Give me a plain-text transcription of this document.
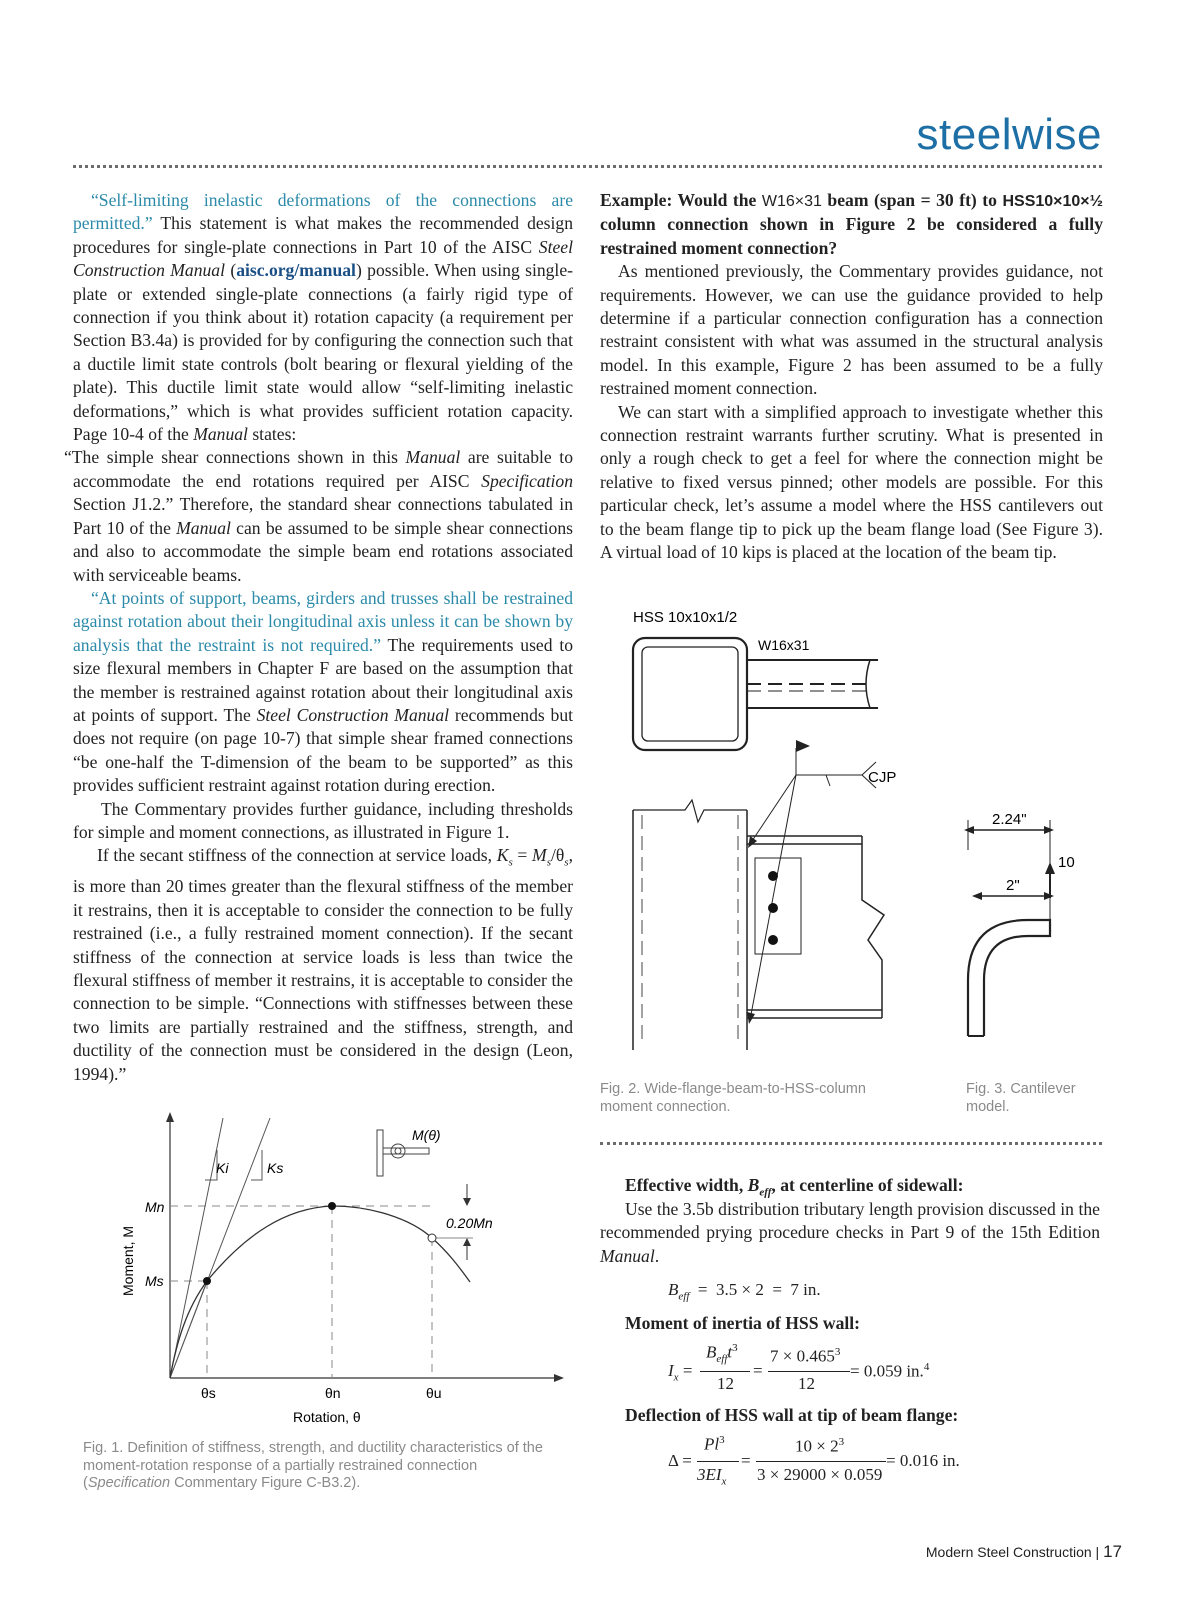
steelwise

“Self-limiting inelastic deformations of the connections are permitted.” This statement is what makes the recommended design procedures for single-plate connections in Part 10 of the AISC Steel Construction Manual (aisc.org/manual) possible. When using single-plate or extended single-plate connections (a fairly rigid type of connection if you think about it) rotation capacity (a requirement per Section B3.4a) is provided for by configuring the connection such that a ductile limit state controls (bolt bearing or flexural yielding of the plate). This ductile limit state would allow “self-limiting inelastic deformations,” which is what provides sufficient rotation capacity. Page 10-4 of the Manual states:

“The simple shear connections shown in this Manual are suitable to accommodate the end rotations required per AISC Specification Section J1.2.” Therefore, the standard shear connections tabulated in Part 10 of the Manual can be assumed to be simple shear connections and also to accommodate the simple beam end rotations associated with serviceable beams.

“At points of support, beams, girders and trusses shall be restrained against rotation about their longitudinal axis unless it can be shown by analysis that the restraint is not required.” The requirements used to size flexural members in Chapter F are based on the assumption that the member is restrained against rotation about their longitudinal axis at points of support. The Steel Construction Manual recommends but does not require (on page 10-7) that simple shear framed connections “be one-half the T-dimension of the beam to be supported” as this provides sufficient restraint against rotation during erection.

The Commentary provides further guidance, including thresholds for simple and moment connections, as illustrated in Figure 1.

If the secant stiffness of the connection at service loads, $K_s = M_s/\theta_s$, is more than 20 times greater than the flexural stiffness of the member it restrains, then it is acceptable to consider the connection to be fully restrained (i.e., a fully restrained moment connection). If the secant stiffness of the connection at service loads is less than twice the flexural stiffness of member it restrains, it is acceptable to consider the connection to be simple. “Connections with stiffnesses between these two limits are partially restrained and the stiffness, strength, and ductility of the connection must be considered in the design (Leon, 1994).”

Example: Would the W16×31 beam (span = 30 ft) to HSS10×10×½ column connection shown in Figure 2 be considered a fully restrained moment connection?

As mentioned previously, the Commentary provides guidance, not requirements. However, we can use the guidance provided to help determine if a particular connection configuration has a connection restraint consistent with what was assumed in the structural analysis model. In this example, Figure 2 has been assumed to be a fully restrained moment connection.

We can start with a simplified approach to investigate whether this connection restraint warrants further scrutiny. What is presented in only a rough check to get a feel for where the connection might be relative to fixed versus pinned; other models are possible. For this particular check, let’s assume a model where the HSS cantilevers out to the beam flange tip to pick up the beam flange load (See Figure 3). A virtual load of 10 kips is placed at the location of the beam tip.

Ki	Ks
M(θ)
Mn
Ms
0.20Mn
θs	θn	θu
Rotation, θ
Moment, M
Fig. 1. Definition of stiffness, strength, and ductility characteristics of the moment-rotation response of a partially restrained connection (Specification Commentary Figure C-B3.2).
HSS 10x10x1/2
W16x31
CJP
Fig. 2. Wide-flange-beam-to-HSS-column moment connection.
2.24"
2"
10
Fig. 3. Cantilever model.
Effective width, $B_{eff}$, at centerline of sidewall:
Use the 3.5b distribution tributary length provision discussed in the recommended prying procedure checks in Part 9 of the 15th Edition Manual.
$B_{eff} = 3.5 \times 2 = 7$ in.
Moment of inertia of HSS wall:
$I_x$ =
$B_{eff}t^3$
12
=
$7 \times 0.465^3$
12
= 0.059 in.$^4$
Deflection of HSS wall at tip of beam flange:
Δ =
$Pl^3$
$3EI_x$
=
$10 \times 2^3$
3 × 29000 × 0.059
= 0.016 in.
Modern Steel Construction | 17
